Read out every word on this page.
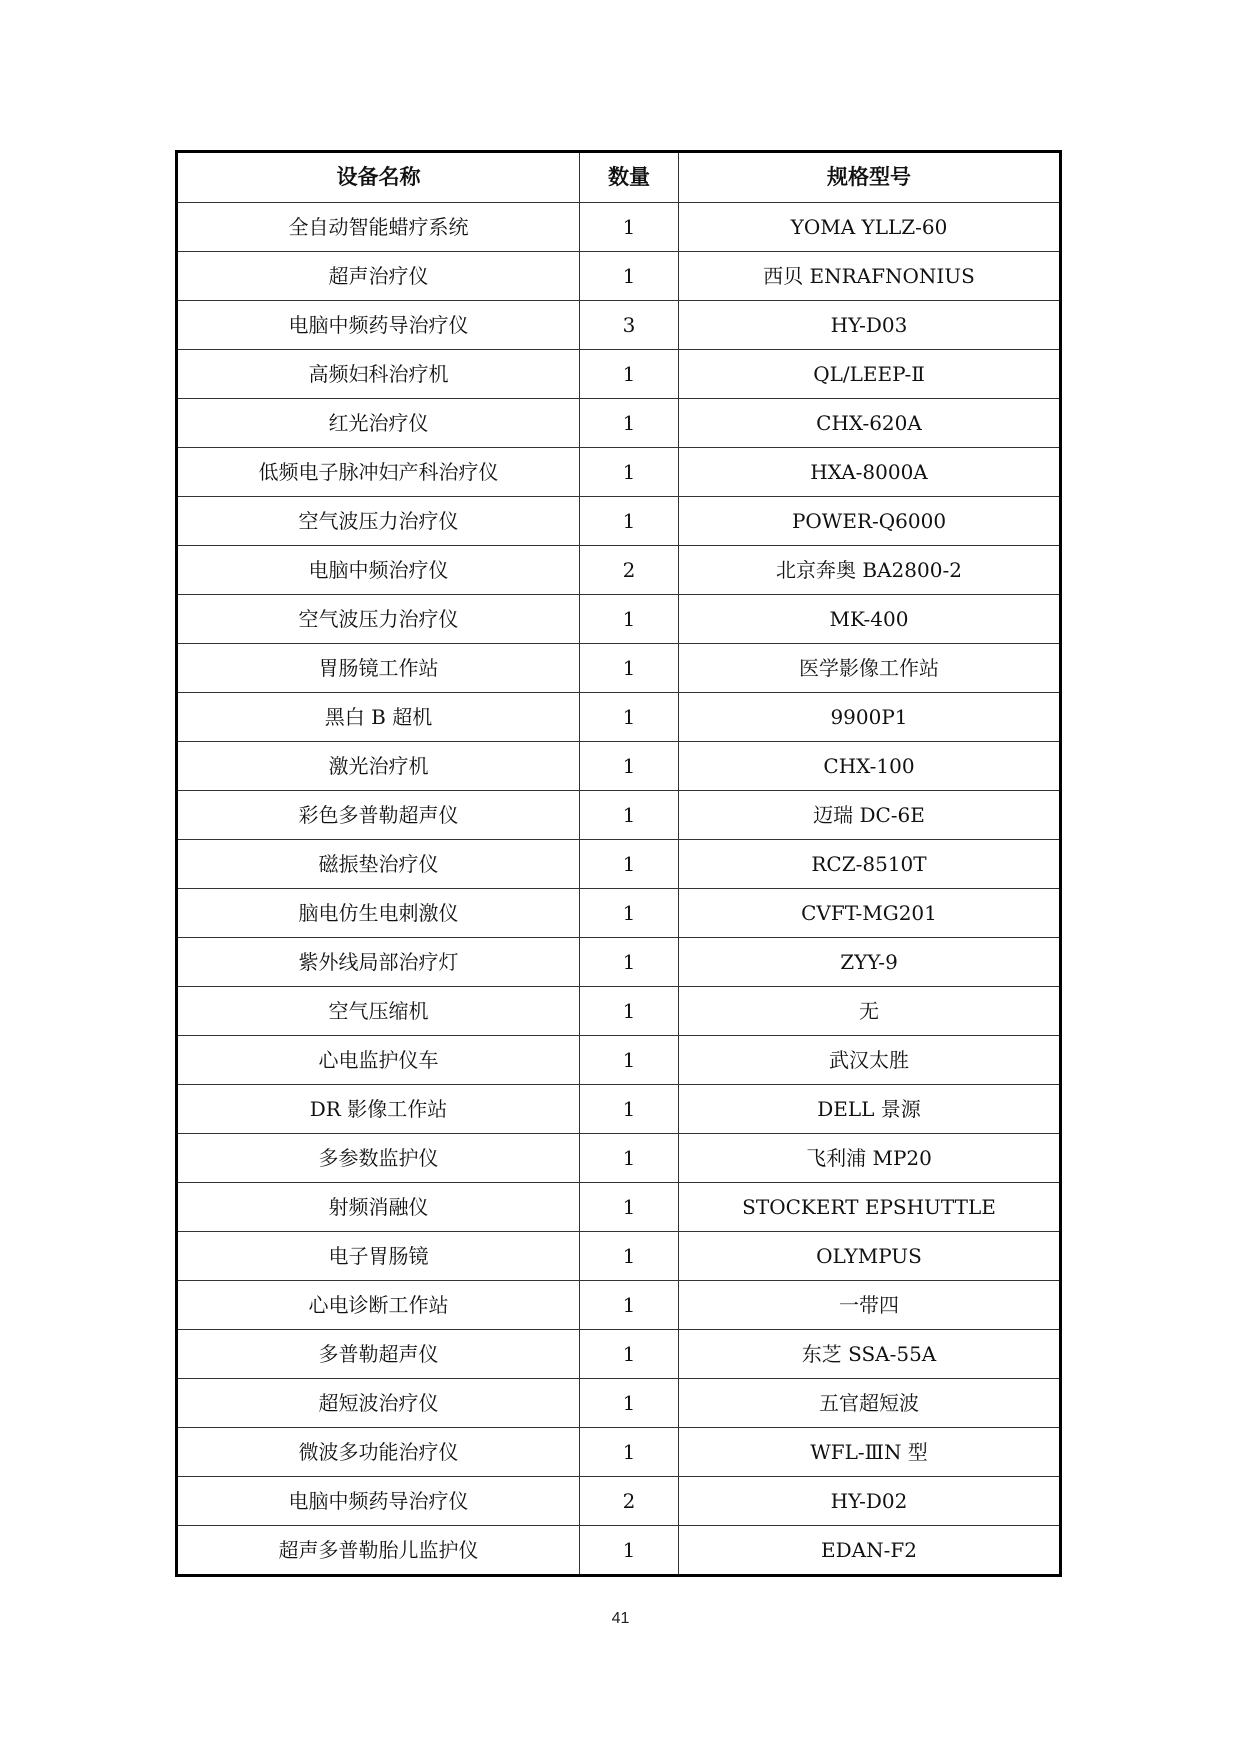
设备名称	数量	规格型号
全自动智能蜡疗系统	1	YOMA YLLZ-60
超声治疗仪	1	西贝 ENRAFNONIUS
电脑中频药导治疗仪	3	HY-D03
高频妇科治疗机	1	QL/LEEP-Ⅱ
红光治疗仪	1	CHX-620A
低频电子脉冲妇产科治疗仪	1	HXA-8000A
空气波压力治疗仪	1	POWER-Q6000
电脑中频治疗仪	2	北京奔奥 BA2800-2
空气波压力治疗仪	1	MK-400
胃肠镜工作站	1	医学影像工作站
黑白 B 超机	1	9900P1
激光治疗机	1	CHX-100
彩色多普勒超声仪	1	迈瑞 DC-6E
磁振垫治疗仪	1	RCZ-8510T
脑电仿生电刺激仪	1	CVFT-MG201
紫外线局部治疗灯	1	ZYY-9
空气压缩机	1	无
心电监护仪车	1	武汉太胜
DR 影像工作站	1	DELL 景源
多参数监护仪	1	飞利浦 MP20
射频消融仪	1	STOCKERT EPSHUTTLE
电子胃肠镜	1	OLYMPUS
心电诊断工作站	1	一带四
多普勒超声仪	1	东芝 SSA-55A
超短波治疗仪	1	五官超短波
微波多功能治疗仪	1	WFL-ⅢN 型
电脑中频药导治疗仪	2	HY-D02
超声多普勒胎儿监护仪	1	EDAN-F2
41
